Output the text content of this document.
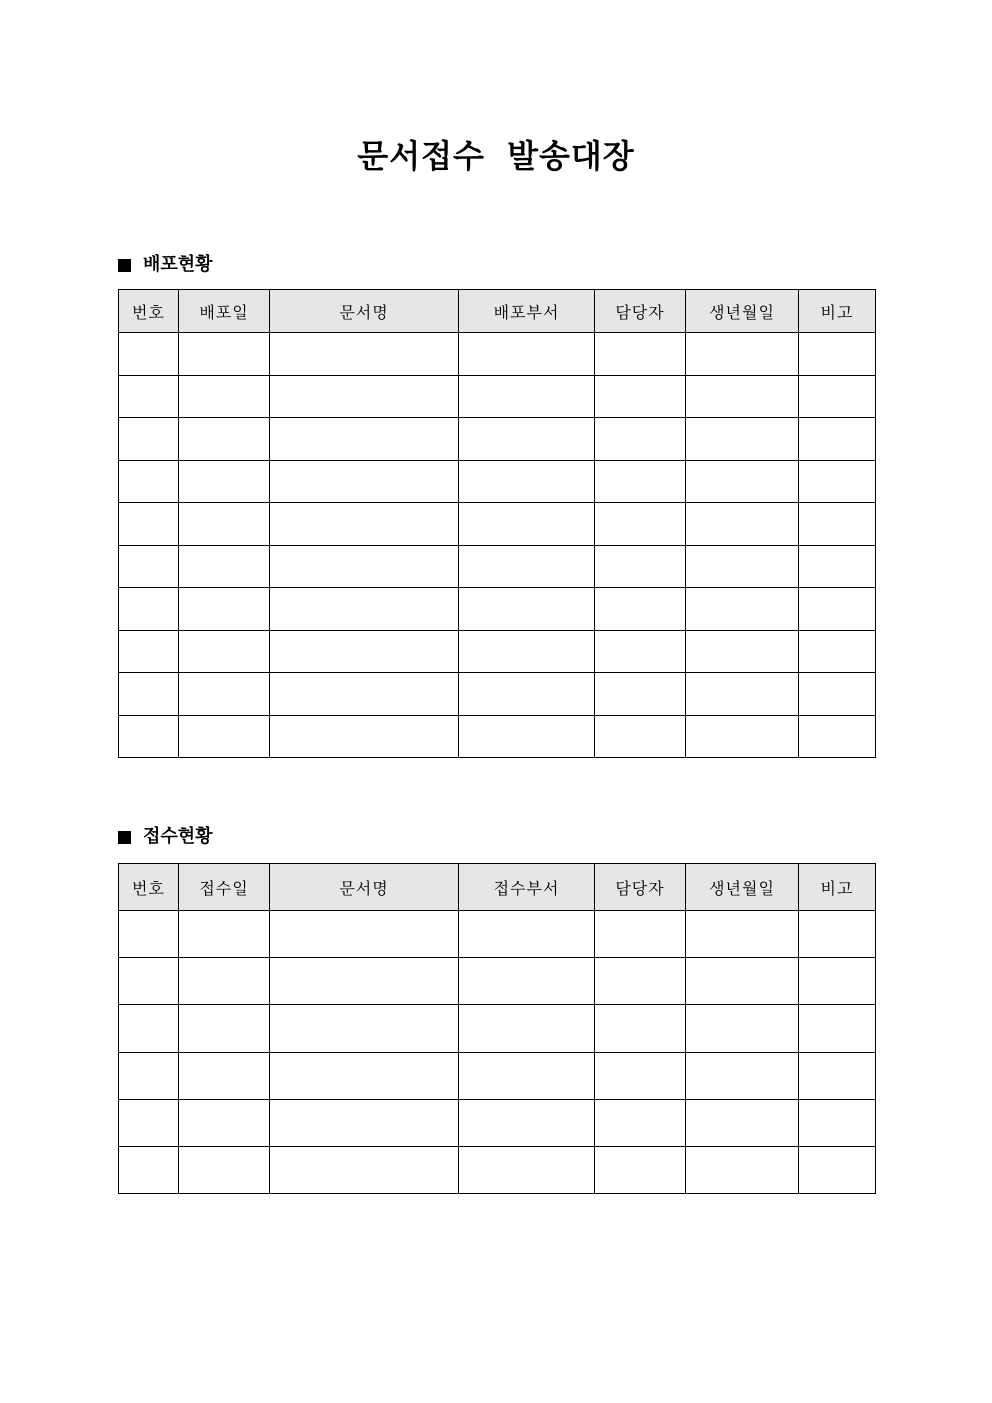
문서접수 발송대장
배포현황
번호	배포일	문서명	배포부서	담당자	생년월일	비고

접수현황
번호	접수일	문서명	접수부서	담당자	생년월일	비고
